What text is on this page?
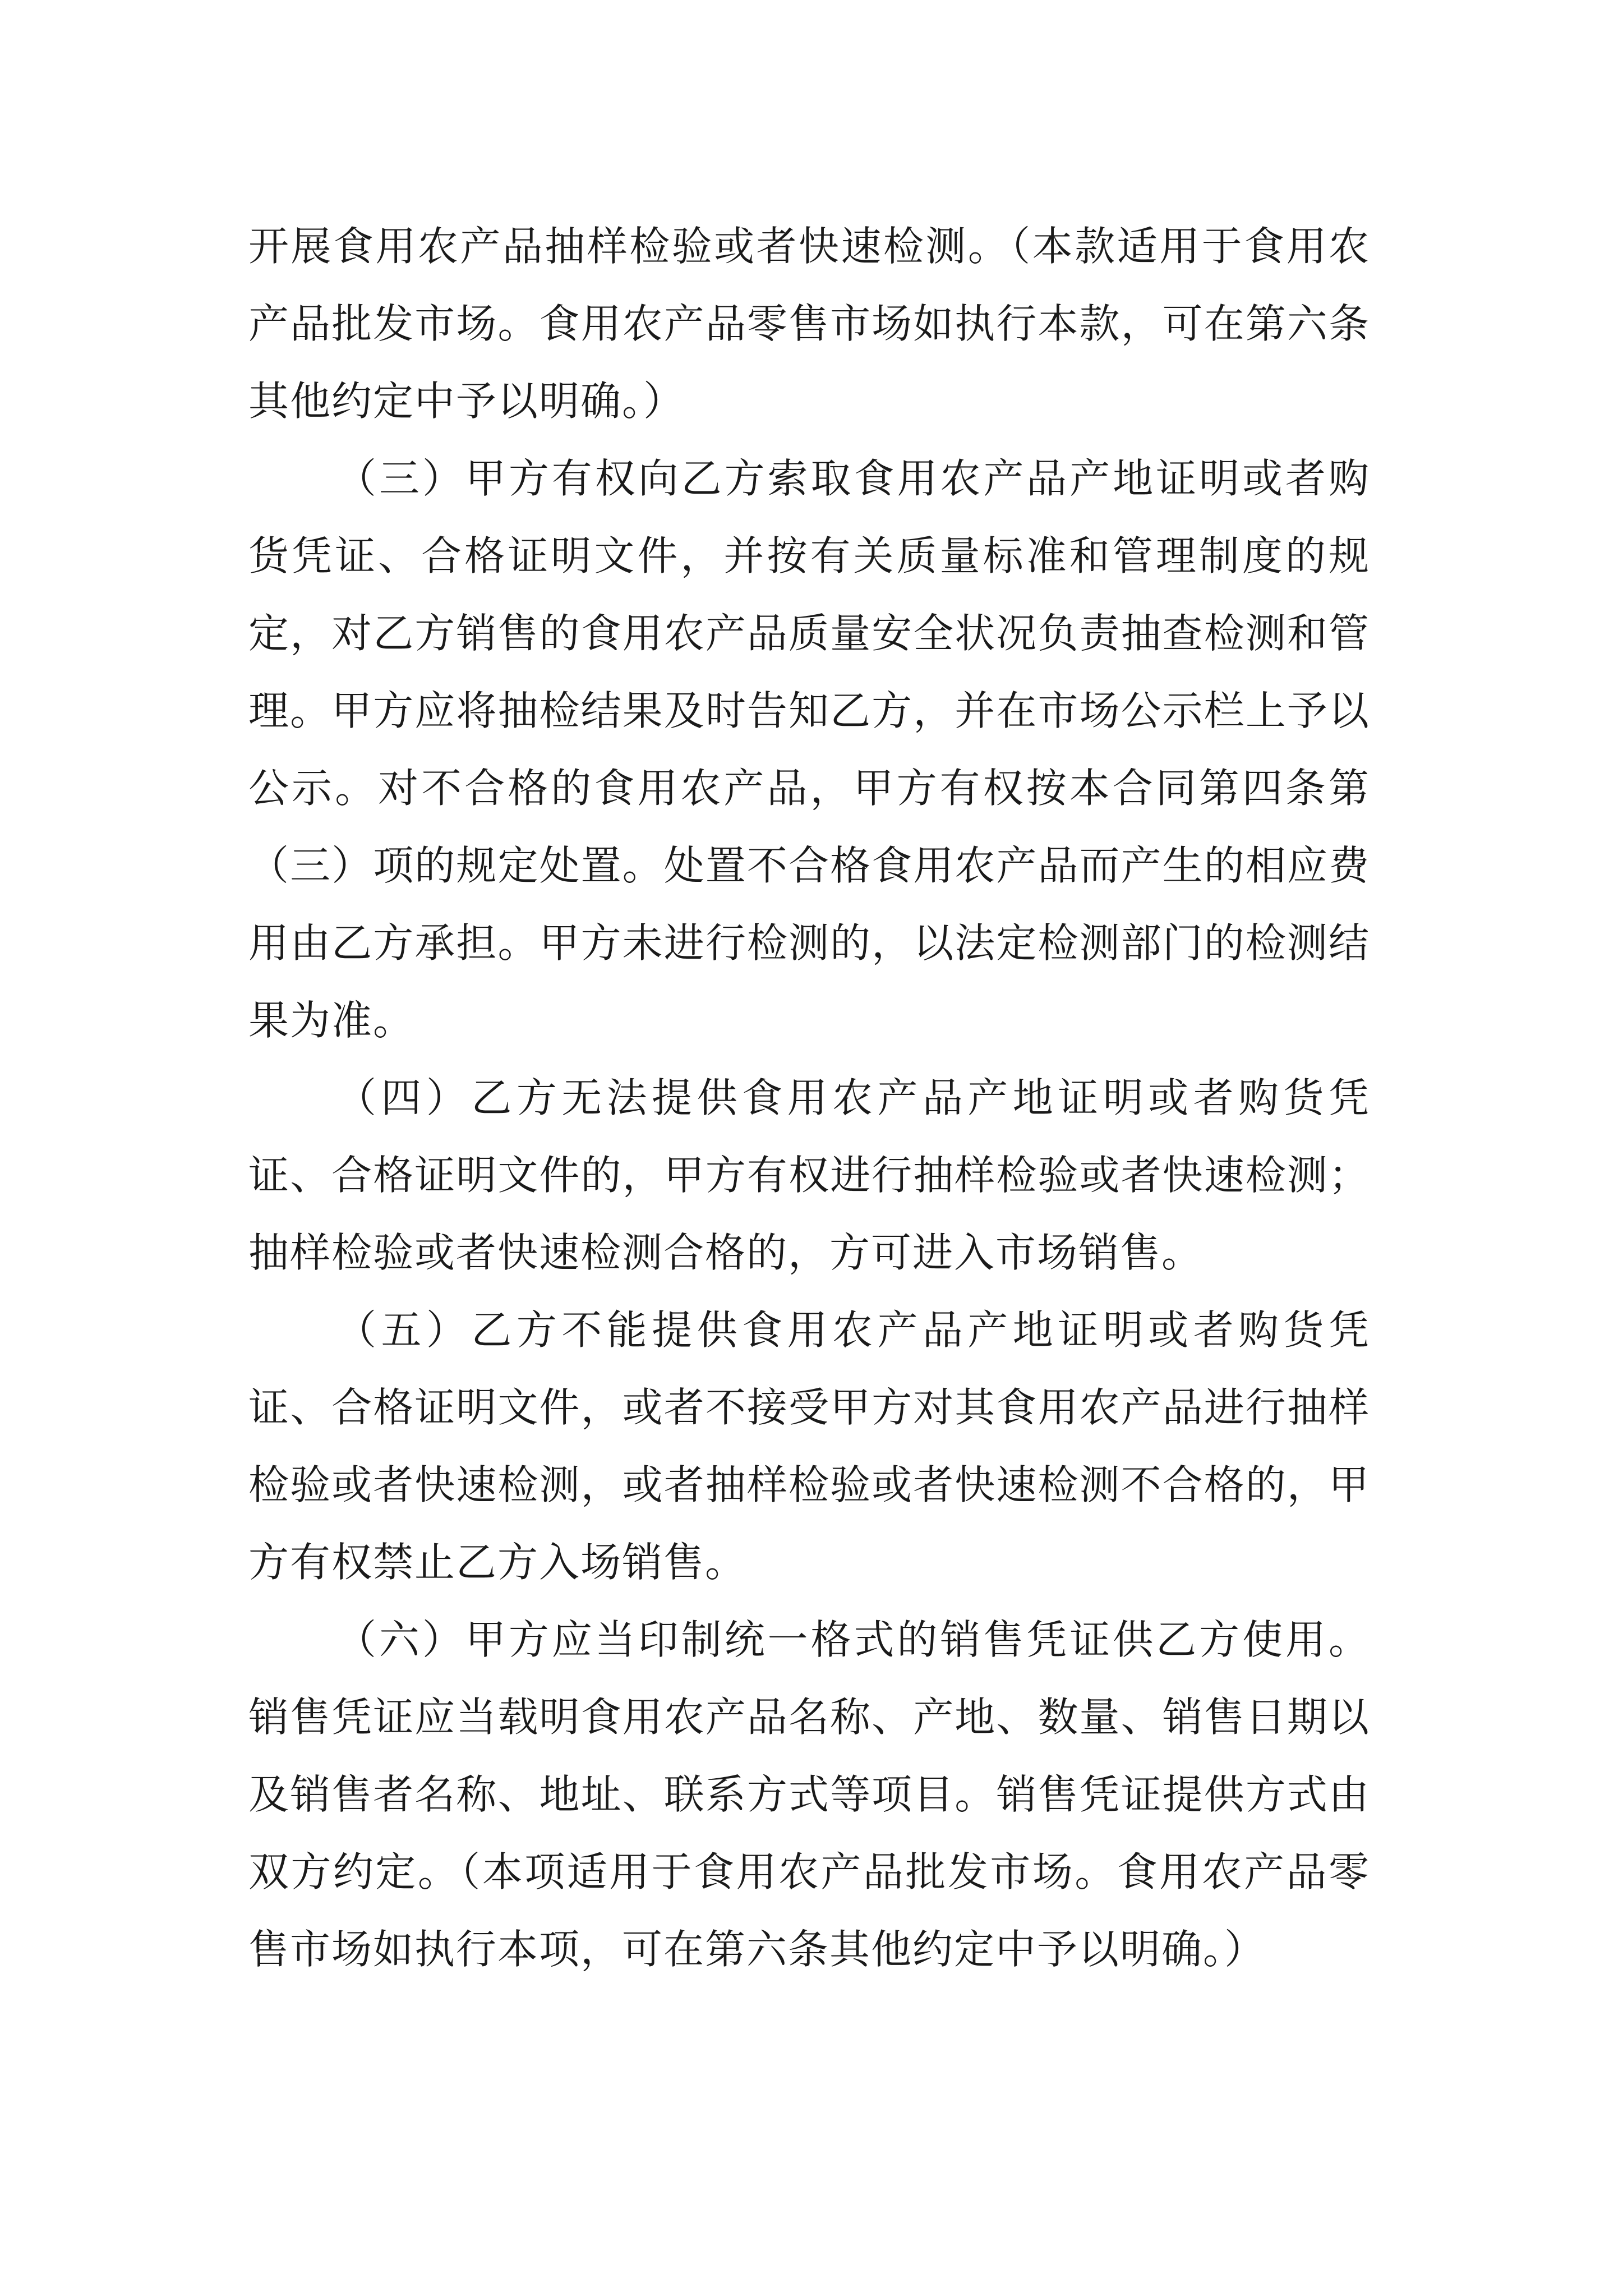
开展食用农产品抽样检验或者快速检测。（本款适用于食用农产品批发市场。食用农产品零售市场如执行本款，可在第六条其他约定中予以明确。）

（三）甲方有权向乙方索取食用农产品产地证明或者购货凭证、合格证明文件，并按有关质量标准和管理制度的规定，对乙方销售的食用农产品质量安全状况负责抽查检测和管理。甲方应将抽检结果及时告知乙方，并在市场公示栏上予以公示。对不合格的食用农产品，甲方有权按本合同第四条第（三）项的规定处置。处置不合格食用农产品而产生的相应费用由乙方承担。甲方未进行检测的，以法定检测部门的检测结果为准。

（四）乙方无法提供食用农产品产地证明或者购货凭证、合格证明文件的，甲方有权进行抽样检验或者快速检测；抽样检验或者快速检测合格的，方可进入市场销售。

（五）乙方不能提供食用农产品产地证明或者购货凭证、合格证明文件，或者不接受甲方对其食用农产品进行抽样检验或者快速检测，或者抽样检验或者快速检测不合格的，甲方有权禁止乙方入场销售。

（六）甲方应当印制统一格式的销售凭证供乙方使用。销售凭证应当载明食用农产品名称、产地、数量、销售日期以及销售者名称、地址、联系方式等项目。销售凭证提供方式由双方约定。（本项适用于食用农产品批发市场。食用农产品零售市场如执行本项，可在第六条其他约定中予以明确。）
